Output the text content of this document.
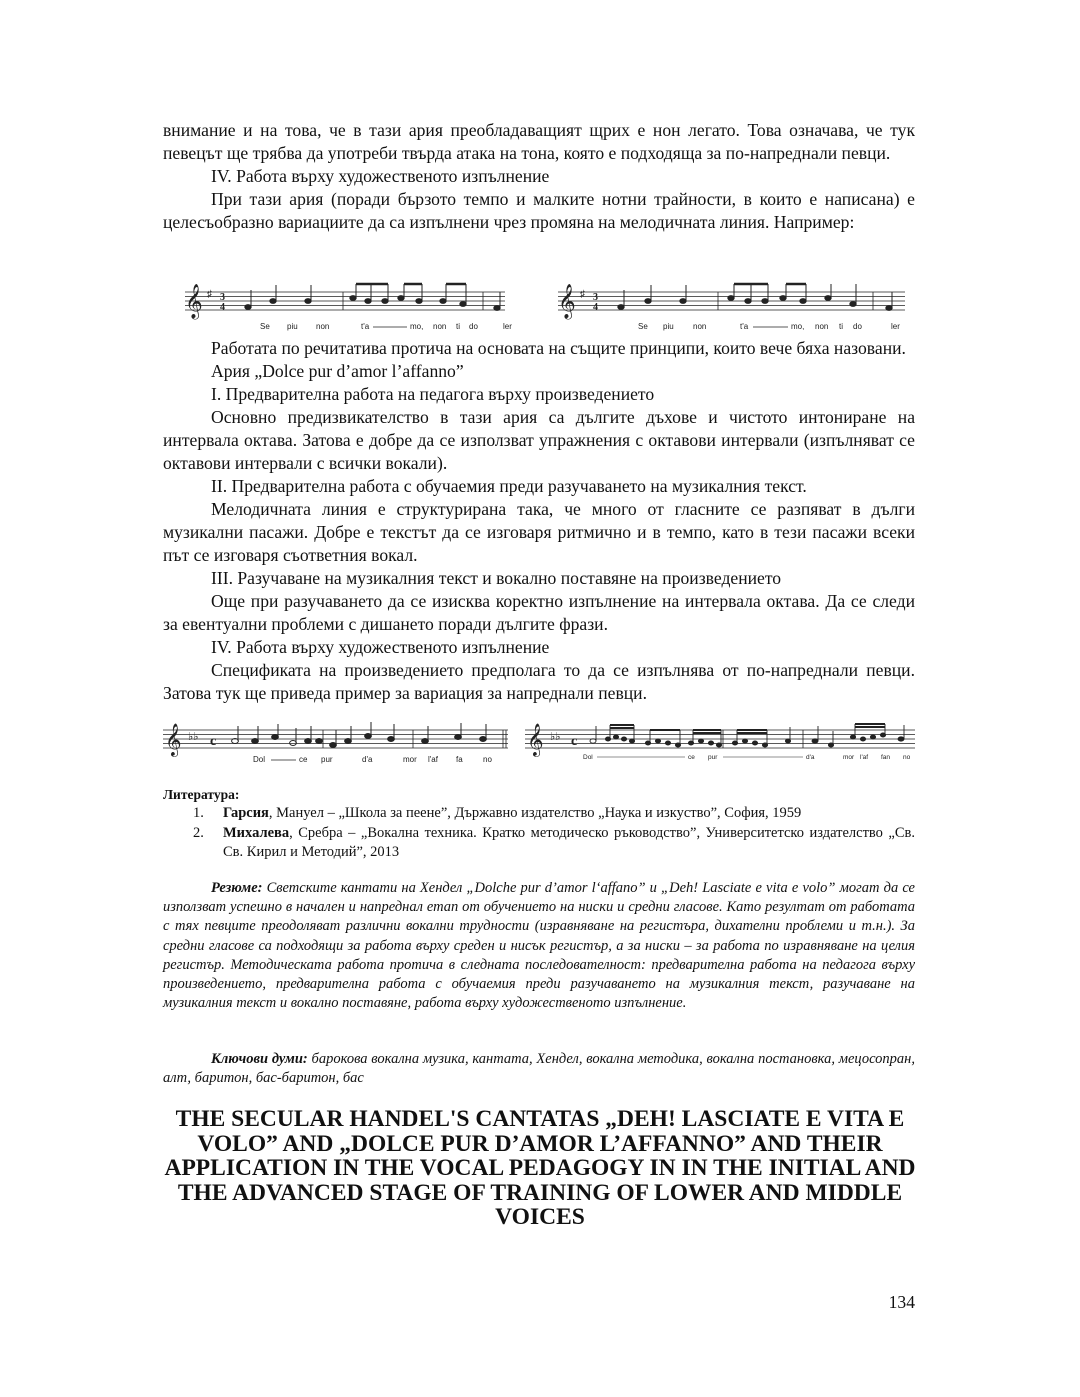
внимание и на това, че в тази ария преобладаващият щрих е нон легато. Това означава, че тук певецът ще трябва да употреби твърда атака на тона, която е подходяща за по-напреднали певци.

IV. Работа върху художественото изпълнение

При тази ария (поради бързото темпо и малките нотни трайности, в които е написана) е целесъобразно вариациите да са изпълнени чрез промяна на мелодичната линия. Например:

𝄞	𝄞
♯	♯
3
4
3
4
Se piu non	t'a	mo, non ti do	ler	Se piu non	t'a	mo, non ti do	ler

Работата по речитатива протича на основата на същите принципи, които вече бяха назовани.

Ария „Dolce pur d’amor l’affanno”

I. Предварителна работа на педагога върху произведението

Основно предизвикателство в тази ария са дългите дъхове и чистото интониране на интервала октава. Затова е добре да се използват упражнения с октавови интервали (изпълняват се октавови интервали с всички вокали).

II. Предварителна работа с обучаемия преди разучаването на музикалния текст.

Мелодичната линия е структурирана така, че много от гласните се разпяват в дълги музикални пасажи. Добре е текстът да се изговаря ритмично и в темпо, като в тези пасажи всеки път се изговаря съответния вокал.

III. Разучаване на музикалния текст и вокално поставяне на произведението

Още при разучаването да се изисква коректно изпълнение на интервала октава. Да се следи за евентуални проблеми с дишането поради дългите фрази.

IV. Работа върху художественото изпълнение

Спецификата на произведението предполага то да се изпълнява от по-напреднали певци. Затова тук ще приведа пример за вариация за напреднали певци.

𝄞	𝄞
♭♭	♭♭
c	c
Dol	ce pur	d'a	mor l'af fa	no	Dol	ce pur	d'a	mor l'af fan no
Литература:

1. Гарсия, Мануел – „Школа за пеене”, Държавно издателство „Наука и изкуство”, София, 1959

2. Михалева, Сребра – „Вокална техника. Кратко методическо ръководство”, Университетско издателство „Св. Св. Кирил и Методий”, 2013

Резюме: Светските кантати на Хендел „Dolche pur d’amor l‘affano” и „Deh! Lasciate e vita e volo” могат да се използват успешно в начален и напреднал етап от обучението на ниски и средни гласове. Като резултат от работата с тях певците преодоляват различни вокални трудности (изравняване на регистъра, дихателни проблеми и т.н.). За средни гласове са подходящи за работа върху среден и нисък регистър, а за ниски – за работа по изравняване на целия регистър. Методическата работа протича в следната последователност: предварителна работа на педагога върху произведението, предварителна работа с обучаемия преди разучаването на музикалния текст, разучаване на музикалния текст и вокално поставяне, работа върху художественото изпълнение.

Ключови думи: барокова вокална музика, кантата, Хендел, вокална методика, вокална постановка, мецосопран, алт, баритон, бас-баритон, бас

THE SECULAR HANDEL'S CANTATAS „DEH! LASCIATE E VITA E VOLO” AND „DOLCE PUR D’AMOR L’AFFANNO” AND THEIR APPLICATION IN THE VOCAL PEDAGOGY IN IN THE INITIAL AND THE ADVANCED STAGE OF TRAINING OF LOWER AND MIDDLE VOICES
134
